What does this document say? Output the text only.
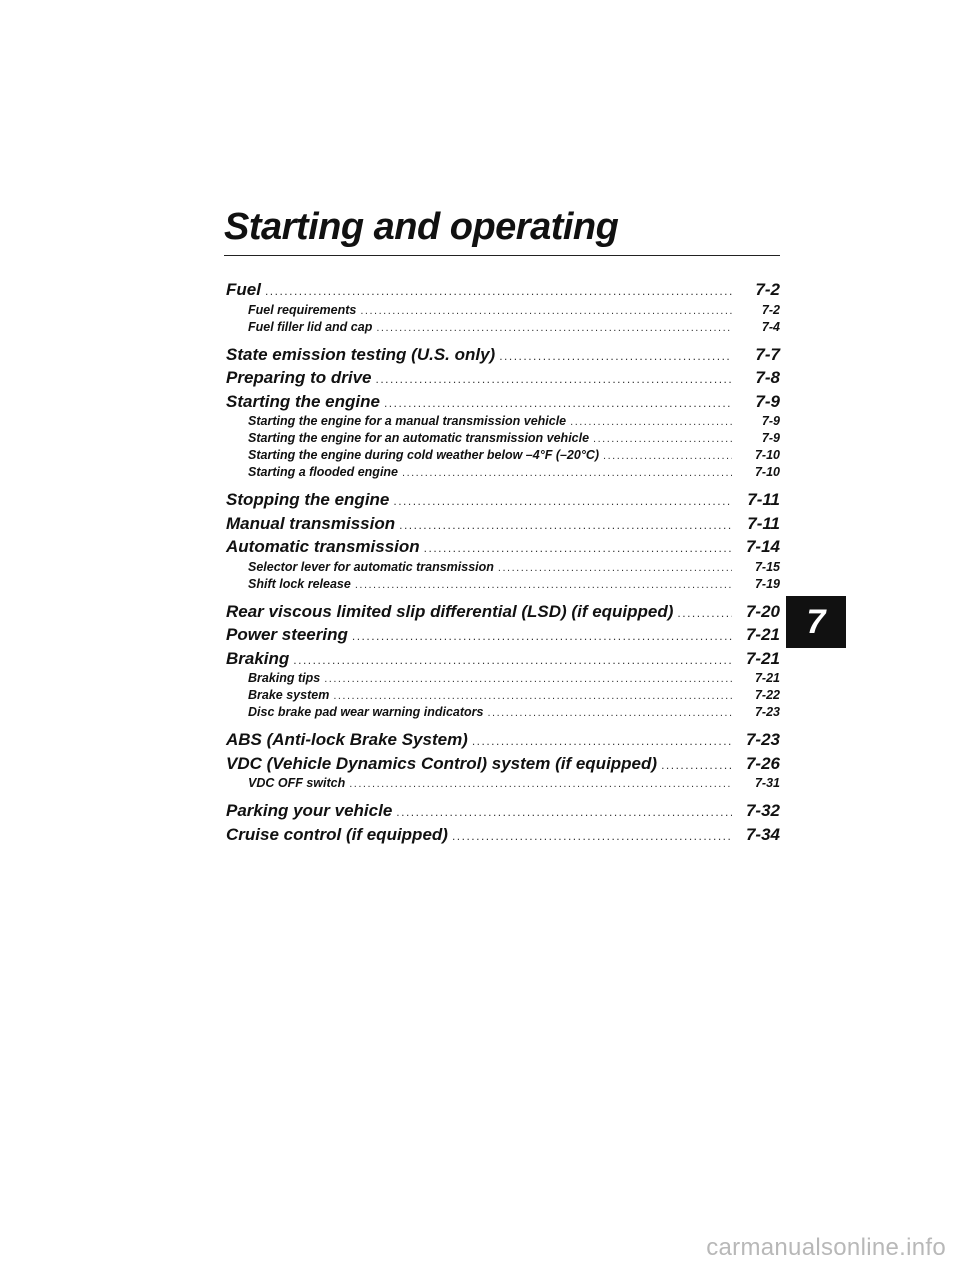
Starting and operating
Fuel .....	7-2
Fuel requirements .....	7-2
Fuel filler lid and cap .....	7-4
State emission testing (U.S. only) .....	7-7
Preparing to drive .....	7-8
Starting the engine .....	7-9
Starting the engine for a manual transmission vehicle .....	7-9
Starting the engine for an automatic transmission vehicle .....	7-9
Starting the engine during cold weather below –4°F (–20°C) .....	7-10
Starting a flooded engine .....	7-10
Stopping the engine .....	7-11
Manual transmission .....	7-11
Automatic transmission .....	7-14
Selector lever for automatic transmission .....	7-15
Shift lock release .....	7-19
Rear viscous limited slip differential (LSD) (if equipped) .....	7-20
Power steering .....	7-21
Braking .....	7-21
Braking tips .....	7-21
Brake system .....	7-22
Disc brake pad wear warning indicators .....	7-23
ABS (Anti-lock Brake System) .....	7-23
VDC (Vehicle Dynamics Control) system (if equipped) .....	7-26
VDC OFF switch .....	7-31
Parking your vehicle .....	7-32
Cruise control (if equipped) .....	7-34
7
carmanualsonline.info
